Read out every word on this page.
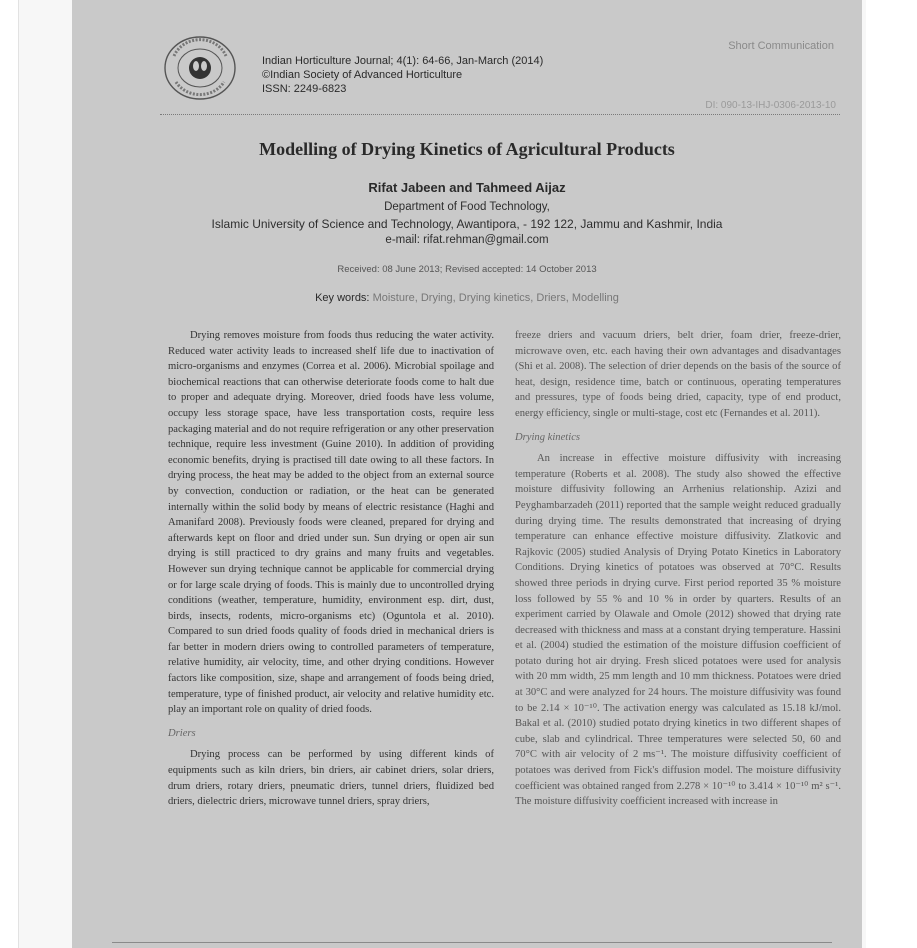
Indian Horticulture Journal; 4(1): 64-66, Jan-March (2014)
©Indian Society of Advanced Horticulture
ISSN: 2249-6823
Short Communication
DI: 090-13-IHJ-0306-2013-10
Modelling of Drying Kinetics of Agricultural Products
Rifat Jabeen and Tahmeed Aijaz
Department of Food Technology,
Islamic University of Science and Technology, Awantipora, - 192 122, Jammu and Kashmir, India
e-mail: rifat.rehman@gmail.com
Received: 08 June 2013; Revised accepted: 14 October 2013
Key words: Moisture, Drying, Drying kinetics, Driers, Modelling

Drying removes moisture from foods thus reducing the water activity. Reduced water activity leads to increased shelf life due to inactivation of micro-organisms and enzymes (Correa et al. 2006). Microbial spoilage and biochemical reactions that can otherwise deteriorate foods come to halt due to proper and adequate drying. Moreover, dried foods have less volume, occupy less storage space, have less transportation costs, require less packaging material and do not require refrigeration or any other preservation technique, require less investment (Guine 2010). In addition of providing economic benefits, drying is practised till date owing to all these factors. In drying process, the heat may be added to the object from an external source by convection, conduction or radiation, or the heat can be generated internally within the solid body by means of electric resistance (Haghi and Amanifard 2008). Previously foods were cleaned, prepared for drying and afterwards kept on floor and dried under sun. Sun drying or open air sun drying is still practiced to dry grains and many fruits and vegetables. However sun drying technique cannot be applicable for commercial drying or for large scale drying of foods. This is mainly due to uncontrolled drying conditions (weather, temperature, humidity, environment esp. dirt, dust, birds, insects, rodents, micro-organisms etc) (Oguntola et al. 2010). Compared to sun dried foods quality of foods dried in mechanical driers is far better in modern driers owing to controlled parameters of temperature, relative humidity, air velocity, time, and other drying conditions. However factors like composition, size, shape and arrangement of foods being dried, temperature, type of finished product, air velocity and relative humidity etc. play an important role on quality of dried foods.

Driers

Drying process can be performed by using different kinds of equipments such as kiln driers, bin driers, air cabinet driers, solar driers, drum driers, rotary driers, pneumatic driers, tunnel driers, fluidized bed driers, dielectric driers, microwave tunnel driers, spray driers,

freeze driers and vacuum driers, belt drier, foam drier, freeze-drier, microwave oven, etc. each having their own advantages and disadvantages (Shi et al. 2008). The selection of drier depends on the basis of the source of heat, design, residence time, batch or continuous, operating temperatures and pressures, type of foods being dried, capacity, type of end product, energy efficiency, single or multi-stage, cost etc (Fernandes et al. 2011).

Drying kinetics

An increase in effective moisture diffusivity with increasing temperature (Roberts et al. 2008). The study also showed the effective moisture diffusivity following an Arrhenius relationship. Azizi and Peyghambarzadeh (2011) reported that the sample weight reduced gradually during drying time. The results demonstrated that increasing of drying temperature can enhance effective moisture diffusivity. Zlatkovic and Rajkovic (2005) studied Analysis of Drying Potato Kinetics in Laboratory Conditions. Drying kinetics of potatoes was observed at 70°C. Results showed three periods in drying curve. First period reported 35 % moisture loss followed by 55 % and 10 % in order by quarters. Results of an experiment carried by Olawale and Omole (2012) showed that drying rate decreased with thickness and mass at a constant drying temperature. Hassini et al. (2004) studied the estimation of the moisture diffusion coefficient of potato during hot air drying. Fresh sliced potatoes were used for analysis with 20 mm width, 25 mm length and 10 mm thickness. Potatoes were dried at 30°C and were analyzed for 24 hours. The moisture diffusivity was found to be 2.14 × 10⁻¹⁰. The activation energy was calculated as 15.18 kJ/mol. Bakal et al. (2010) studied potato drying kinetics in two different shapes of cube, slab and cylindrical. Three temperatures were selected 50, 60 and 70°C with air velocity of 2 ms⁻¹. The moisture diffusivity coefficient of potatoes was derived from Fick's diffusion model. The moisture diffusivity coefficient was obtained ranged from 2.278 × 10⁻¹⁰ to 3.414 × 10⁻¹⁰ m² s⁻¹. The moisture diffusivity coefficient increased with increase in
